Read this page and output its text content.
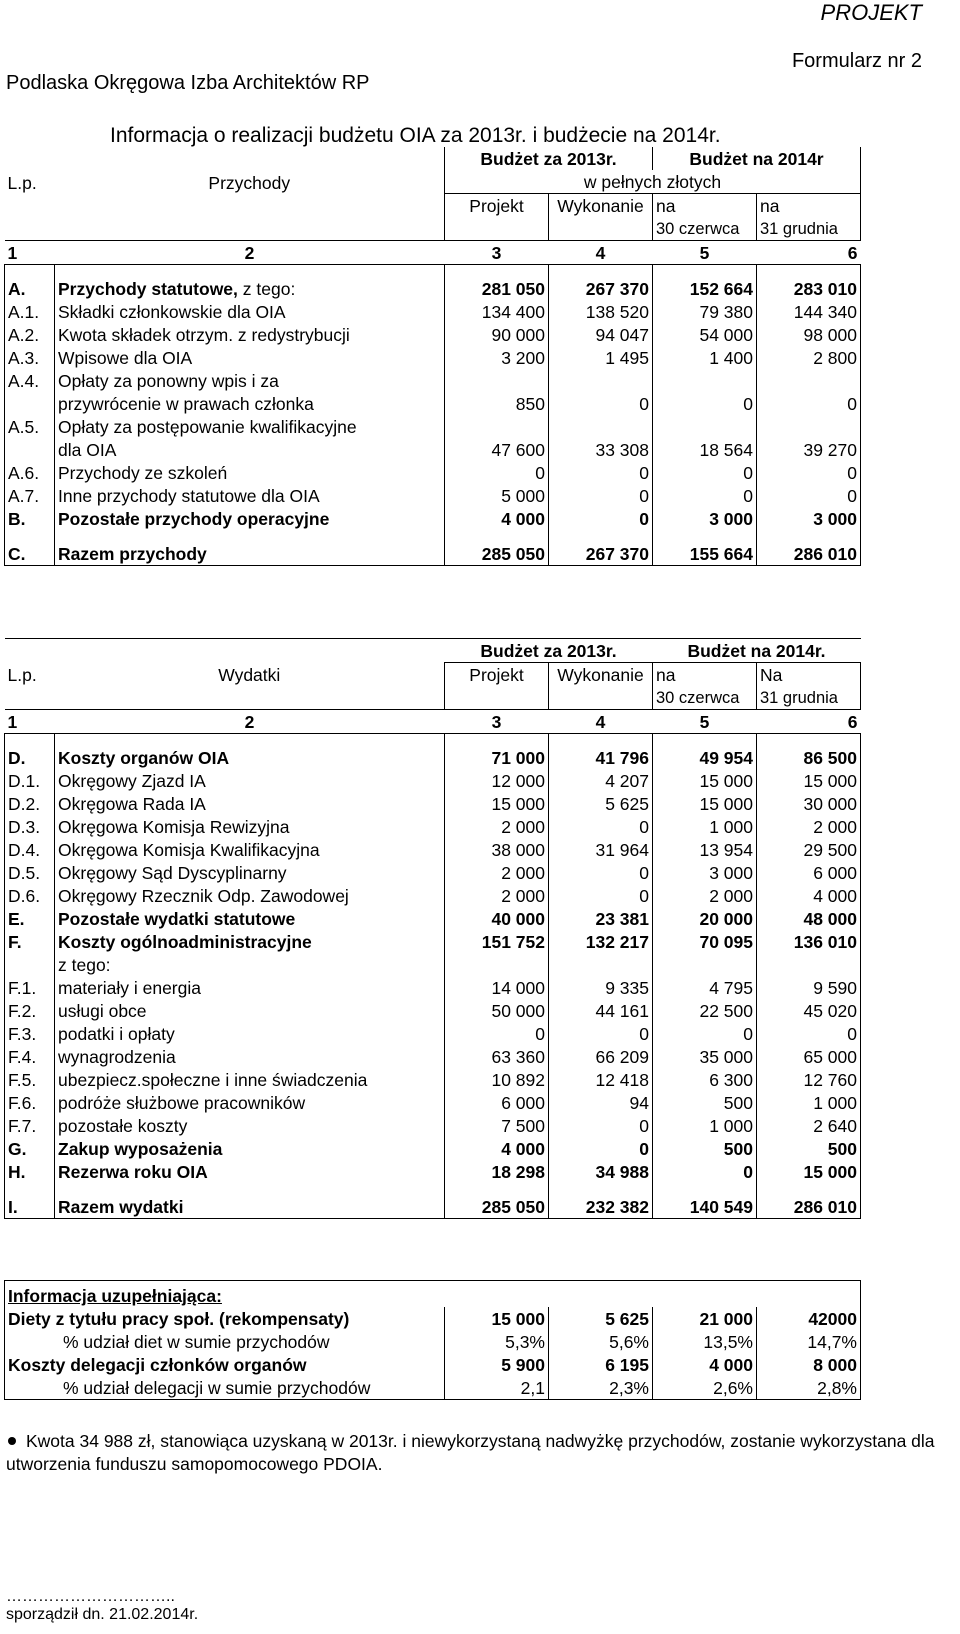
PROJEKT
Formularz nr 2
Podlaska Okręgowa Izba Architektów RP
Informacja o realizacji budżetu OIA za 2013r. i budżecie na 2014r.
		Budżet za 2013r.		Budżet na 2014r	
L.p.	Przychody	w pełnych złotych			
		Projekt	Wykonanie	na	na
				30 czerwca	31 grudnia
1	2	3	4	5	6

A.	Przychody statutowe, z tego:	281 050	267 370	152 664	283 010
A.1.	Składki członkowskie dla OIA	134 400	138 520	79 380	144 340
A.2.	Kwota składek otrzym. z redystrybucji	90 000	94 047	54 000	98 000
A.3.	Wpisowe dla OIA	3 200	1 495	1 400	2 800
A.4.	Opłaty za ponowny wpis i za				
	przywrócenie w prawach członka	850	0	0	0
A.5.	Opłaty za postępowanie kwalifikacyjne				
	dla OIA	47 600	33 308	18 564	39 270
A.6.	Przychody ze szkoleń	0	0	0	0
A.7.	Inne przychody statutowe dla OIA	5 000	0	0	0
B.	Pozostałe przychody operacyjne	4 000	0	3 000	3 000

C.	Razem przychody	285 050	267 370	155 664	286 010
		Budżet za 2013r.		Budżet na 2014r.	
L.p.	Wydatki	Projekt	Wykonanie	na	Na
				30 czerwca	31 grudnia
1	2	3	4	5	6

D.	Koszty organów OIA	71 000	41 796	49 954	86 500
D.1.	Okręgowy Zjazd IA	12 000	4 207	15 000	15 000
D.2.	Okręgowa Rada IA	15 000	5 625	15 000	30 000
D.3.	Okręgowa Komisja Rewizyjna	2 000	0	1 000	2 000
D.4.	Okręgowa Komisja Kwalifikacyjna	38 000	31 964	13 954	29 500
D.5.	Okręgowy Sąd Dyscyplinarny	2 000	0	3 000	6 000
D.6.	Okręgowy Rzecznik Odp. Zawodowej	2 000	0	2 000	4 000
E.	Pozostałe wydatki statutowe	40 000	23 381	20 000	48 000
F.	Koszty ogólnoadministracyjne	151 752	132 217	70 095	136 010
	z tego:				
F.1.	materiały i energia	14 000	9 335	4 795	9 590
F.2.	usługi obce	50 000	44 161	22 500	45 020
F.3.	podatki i opłaty	0	0	0	0
F.4.	wynagrodzenia	63 360	66 209	35 000	65 000
F.5.	ubezpiecz.społeczne i inne świadczenia	10 892	12 418	6 300	12 760
F.6.	podróże służbowe pracowników	6 000	94	500	1 000
F.7.	pozostałe koszty	7 500	0	1 000	2 640
G.	Zakup wyposażenia	4 000	0	500	500
H.	Rezerwa roku OIA	18 298	34 988	0	15 000

I.	Razem wydatki	285 050	232 382	140 549	286 010
Informacja uzupełniająca:				
Diety z tytułu pracy społ. (rekompensaty)	15 000	5 625	21 000	42000
% udział diet w sumie przychodów	5,3%	5,6%	13,5%	14,7%
Koszty delegacji członków organów	5 900	6 195	4 000	8 000
% udział delegacji w sumie przychodów	2,1	2,3%	2,6%	2,8%
Kwota 34 988 zł, stanowiąca uzyskaną w 2013r. i niewykorzystaną nadwyżkę przychodów, zostanie wykorzystana dla utworzenia funduszu samopomocowego PDOIA.
…………………………..
sporządził dn. 21.02.2014r.
